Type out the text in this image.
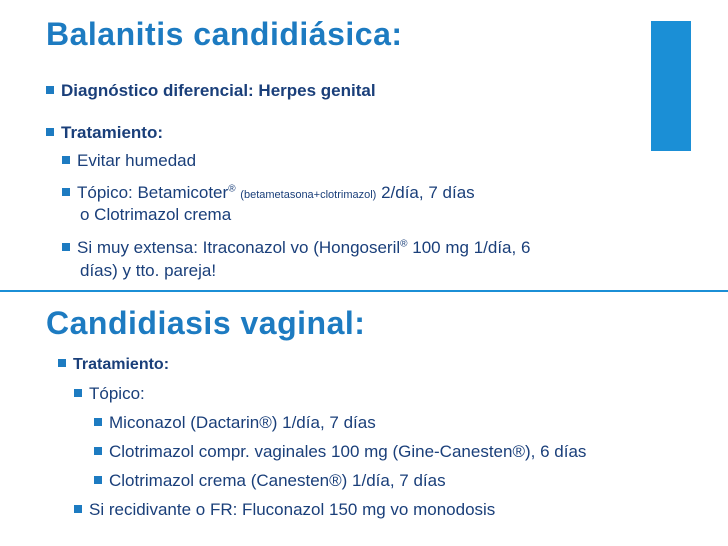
Balanitis candidiásica:
Diagnóstico diferencial: Herpes genital
Tratamiento:
Evitar humedad
Tópico: Betamicoter® (betametasona+clotrimazol) 2/día, 7 días
o Clotrimazol crema
Si muy extensa: Itraconazol vo (Hongoseril® 100 mg 1/día, 6
días) y tto. pareja!
Candidiasis vaginal:
Tratamiento:
Tópico:
Miconazol (Dactarin®) 1/día, 7 días
Clotrimazol compr. vaginales 100 mg (Gine-Canesten®), 6 días
Clotrimazol crema (Canesten®) 1/día, 7 días
Si recidivante o FR: Fluconazol 150 mg vo monodosis
